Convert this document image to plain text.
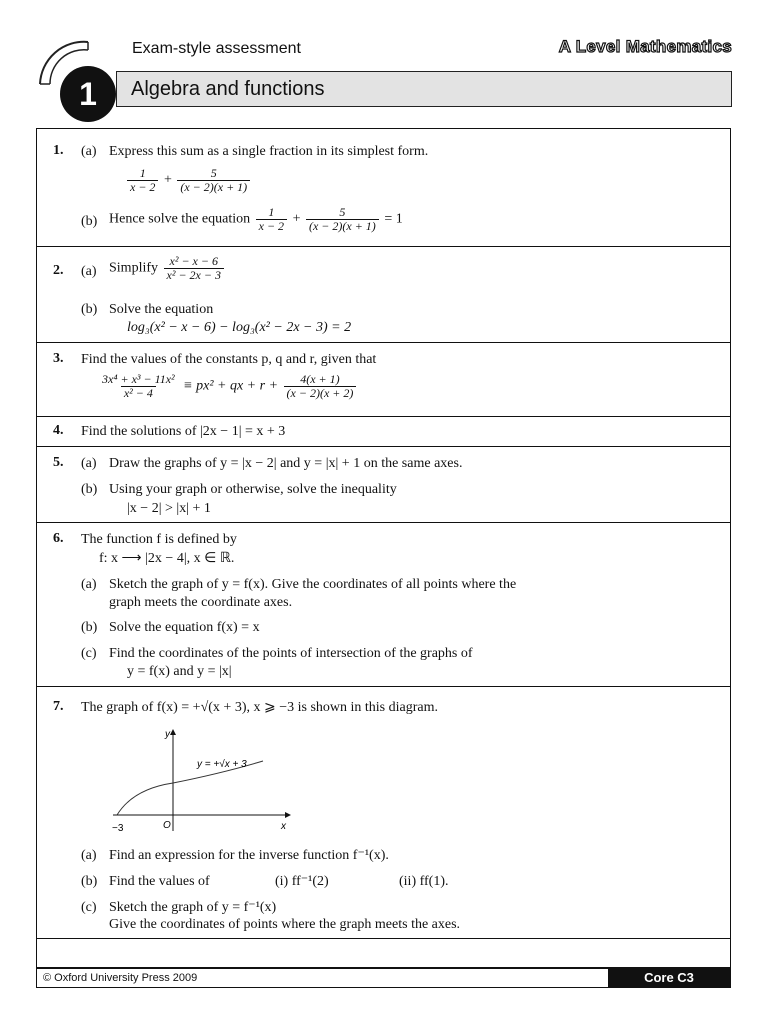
1
Exam-style assessment	A Level Mathematics
Algebra and functions
1. (a) Express this sum as a single fraction in its simplest form.
$\frac{1}{x - 2} + \frac{5}{(x - 2)(x + 1)}$
(b) Hence solve the equation $\frac{1}{x - 2} + \frac{5}{(x - 2)(x + 1)} = 1$
2. (a) Simplify $\frac{\text{x² − x − 6}}{\text{x² − 2x − 3}}$
(b) Solve the equation
log₃(x² − x − 6) − log₃(x² − 2x − 3) = 2
3. Find the values of the constants p, q and r, given that
$\frac{\text{3x⁴ + x³ − 11x²}}{\text{x² − 4}} \equiv px^2$ + qx + $r + \frac{4(x + 1)}{(x - 2)(x + 2)}$
4. Find the solutions of |2x − 1| = x + 3
5. (a) Draw the graphs of y = |x − 2| and y = |x| + 1 on the same axes.
(b) Using your graph or otherwise, solve the inequality
|x − 2| > |x| + 1
6. The function f is defined by
f: x ⟶ |2x − 4|, x ∈ ℝ.
(a) Sketch the graph of y = f(x). Give the coordinates of all points where the
graph meets the coordinate axes.
(b) Solve the equation f(x) = x
(c) Find the coordinates of the points of intersection of the graphs of
y = f(x) and y = |x|
7. The graph of f(x) = +√(x + 3), x ⩾ −3 is shown in this diagram.
y
x
y = +√x + 3
O
−3
(a) Find an expression for the inverse function f⁻¹(x).
(b) Find the values of	(i) ff⁻¹(2)	(ii) ff(1).
(c) Sketch the graph of y = f⁻¹(x)
Give the coordinates of points where the graph meets the axes.
© Oxford University Press 2009	Core C3
